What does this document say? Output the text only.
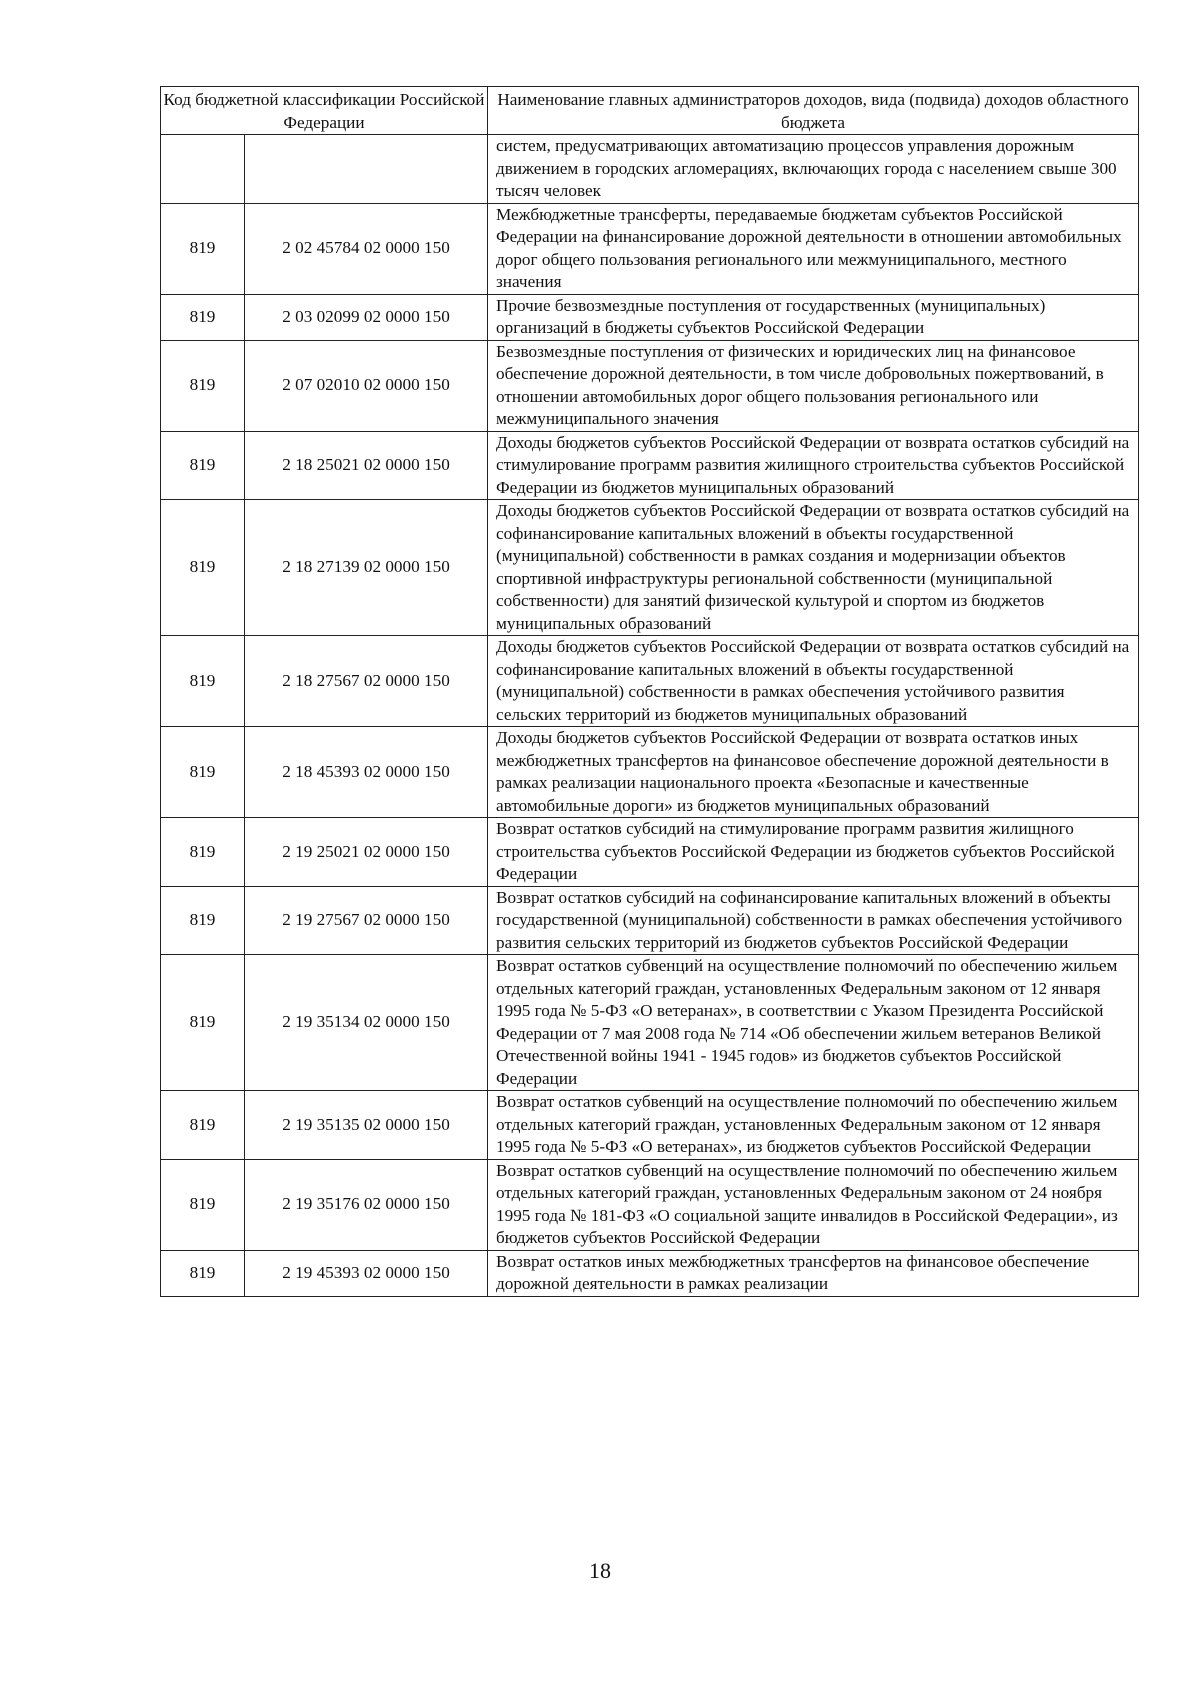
Код бюджетной классификации Российской Федерации		Наименование главных администраторов доходов, вида (подвида) доходов областного бюджета
		систем, предусматривающих автоматизацию процессов управления дорожным движением в городских агломерациях, включающих города с населением свыше 300 тысяч человек
819	2 02 45784 02 0000 150	Межбюджетные трансферты, передаваемые бюджетам субъектов Российской Федерации на финансирование дорожной деятельности в отношении автомобильных дорог общего пользования регионального или межмуниципального, местного значения
819	2 03 02099 02 0000 150	Прочие безвозмездные поступления от государственных (муниципальных) организаций в бюджеты субъектов Российской Федерации
819	2 07 02010 02 0000 150	Безвозмездные поступления от физических и юридических лиц на финансовое обеспечение дорожной деятельности, в том числе добровольных пожертвований, в отношении автомобильных дорог общего пользования регионального или межмуниципального значения
819	2 18 25021 02 0000 150	Доходы бюджетов субъектов Российской Федерации от возврата остатков субсидий на стимулирование программ развития жилищного строительства субъектов Российской Федерации из бюджетов муниципальных образований
819	2 18 27139 02 0000 150	Доходы бюджетов субъектов Российской Федерации от возврата остатков субсидий на софинансирование капитальных вложений в объекты государственной (муниципальной) собственности в рамках создания и модернизации объектов спортивной инфраструктуры региональной собственности (муниципальной собственности) для занятий физической культурой и спортом из бюджетов муниципальных образований
819	2 18 27567 02 0000 150	Доходы бюджетов субъектов Российской Федерации от возврата остатков субсидий на софинансирование капитальных вложений в объекты государственной (муниципальной) собственности в рамках обеспечения устойчивого развития сельских территорий из бюджетов муниципальных образований
819	2 18 45393 02 0000 150	Доходы бюджетов субъектов Российской Федерации от возврата остатков иных межбюджетных трансфертов на финансовое обеспечение дорожной деятельности в рамках реализации национального проекта «Безопасные и качественные автомобильные дороги» из бюджетов муниципальных образований
819	2 19 25021 02 0000 150	Возврат остатков субсидий на стимулирование программ развития жилищного строительства субъектов Российской Федерации из бюджетов субъектов Российской Федерации
819	2 19 27567 02 0000 150	Возврат остатков субсидий на софинансирование капитальных вложений в объекты государственной (муниципальной) собственности в рамках обеспечения устойчивого развития сельских территорий из бюджетов субъектов Российской Федерации
819	2 19 35134 02 0000 150	Возврат остатков субвенций на осуществление полномочий по обеспечению жильем отдельных категорий граждан, установленных Федеральным законом от 12 января 1995 года № 5-ФЗ «О ветеранах», в соответствии с Указом Президента Российской Федерации от 7 мая 2008 года № 714 «Об обеспечении жильем ветеранов Великой Отечественной войны 1941 - 1945 годов» из бюджетов субъектов Российской Федерации
819	2 19 35135 02 0000 150	Возврат остатков субвенций на осуществление полномочий по обеспечению жильем отдельных категорий граждан, установленных Федеральным законом от 12 января 1995 года № 5-ФЗ «О ветеранах», из бюджетов субъектов Российской Федерации
819	2 19 35176 02 0000 150	Возврат остатков субвенций на осуществление полномочий по обеспечению жильем отдельных категорий граждан, установленных Федеральным законом от 24 ноября 1995 года № 181-ФЗ «О социальной защите инвалидов в Российской Федерации», из бюджетов субъектов Российской Федерации
819	2 19 45393 02 0000 150	Возврат остатков иных межбюджетных трансфертов на финансовое обеспечение дорожной деятельности в рамках реализации
18
